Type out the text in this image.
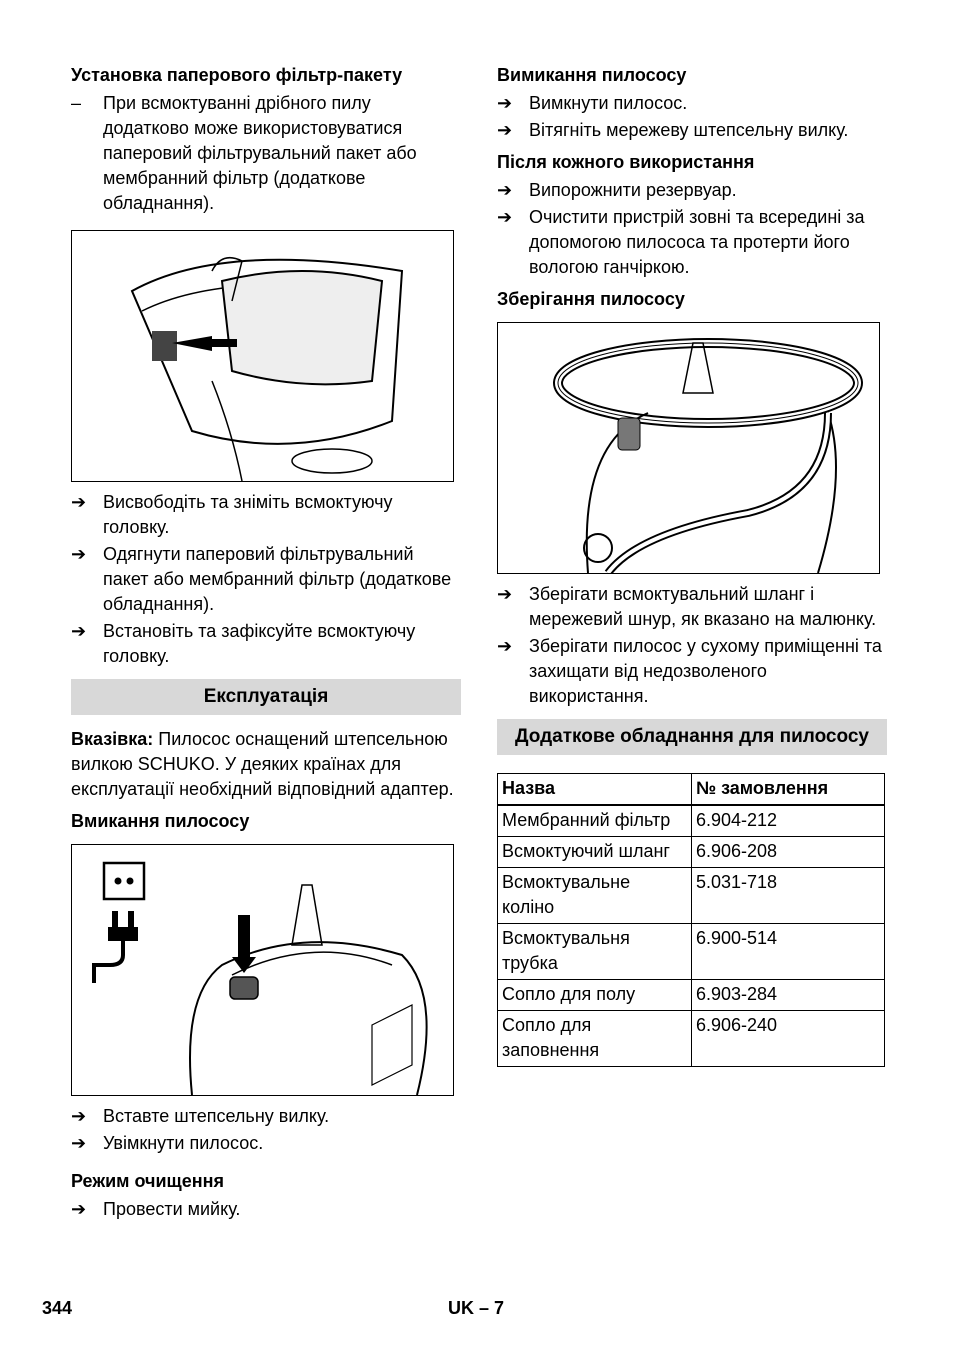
Установка паперового фільтр-пакету
–	При всмоктуванні дрібного пилу додатково може використовуватися паперовий фільтрувальний пакет або мембранний фільтр (додаткове обладнання).
➔ Висвободіть та зніміть всмоктуючу головку.
➔ Одягнути паперовий фільтрувальний пакет або мембранний фільтр (додаткове обладнання).
➔ Встановіть та зафіксуйте всмоктуючу головку.
Експлуатація

Вказівка: Пилосос оснащений штепсельною вилкою SCHUKO. У деяких країнах для експлуатації необхідний відповідний адаптер.

Вмикання пилососу
➔ Вставте штепсельну вилку.
➔ Увімкнути пилосос.
Режим очищення
➔ Провести мийку.
Вимикання пилососу
➔ Вимкнути пилосос.
➔ Вітягніть мережеву штепсельну вилку.
Після кожного використання
➔ Випорожнити резервуар.
➔ Очистити пристрій зовні та всередині за допомогою пилососа та протерти його вологою ганчіркою.
Зберігання пилососу
➔ Зберігати всмоктувальний шланг і мережевий шнур, як вказано на малюнку.
➔ Зберігати пилосос у сухому приміщенні та захищати від недозволеного використання.
Додаткове обладнання для пилососу
Назва	№ замовлення
Мембранний фільтр	6.904-212
Всмоктуючий шланг	6.906-208
Всмоктувальне коліно	5.031-718
Всмоктувальня трубка	6.900-514
Сопло для полу	6.903-284
Сопло для заповнення	6.906-240
344	UK – 7
